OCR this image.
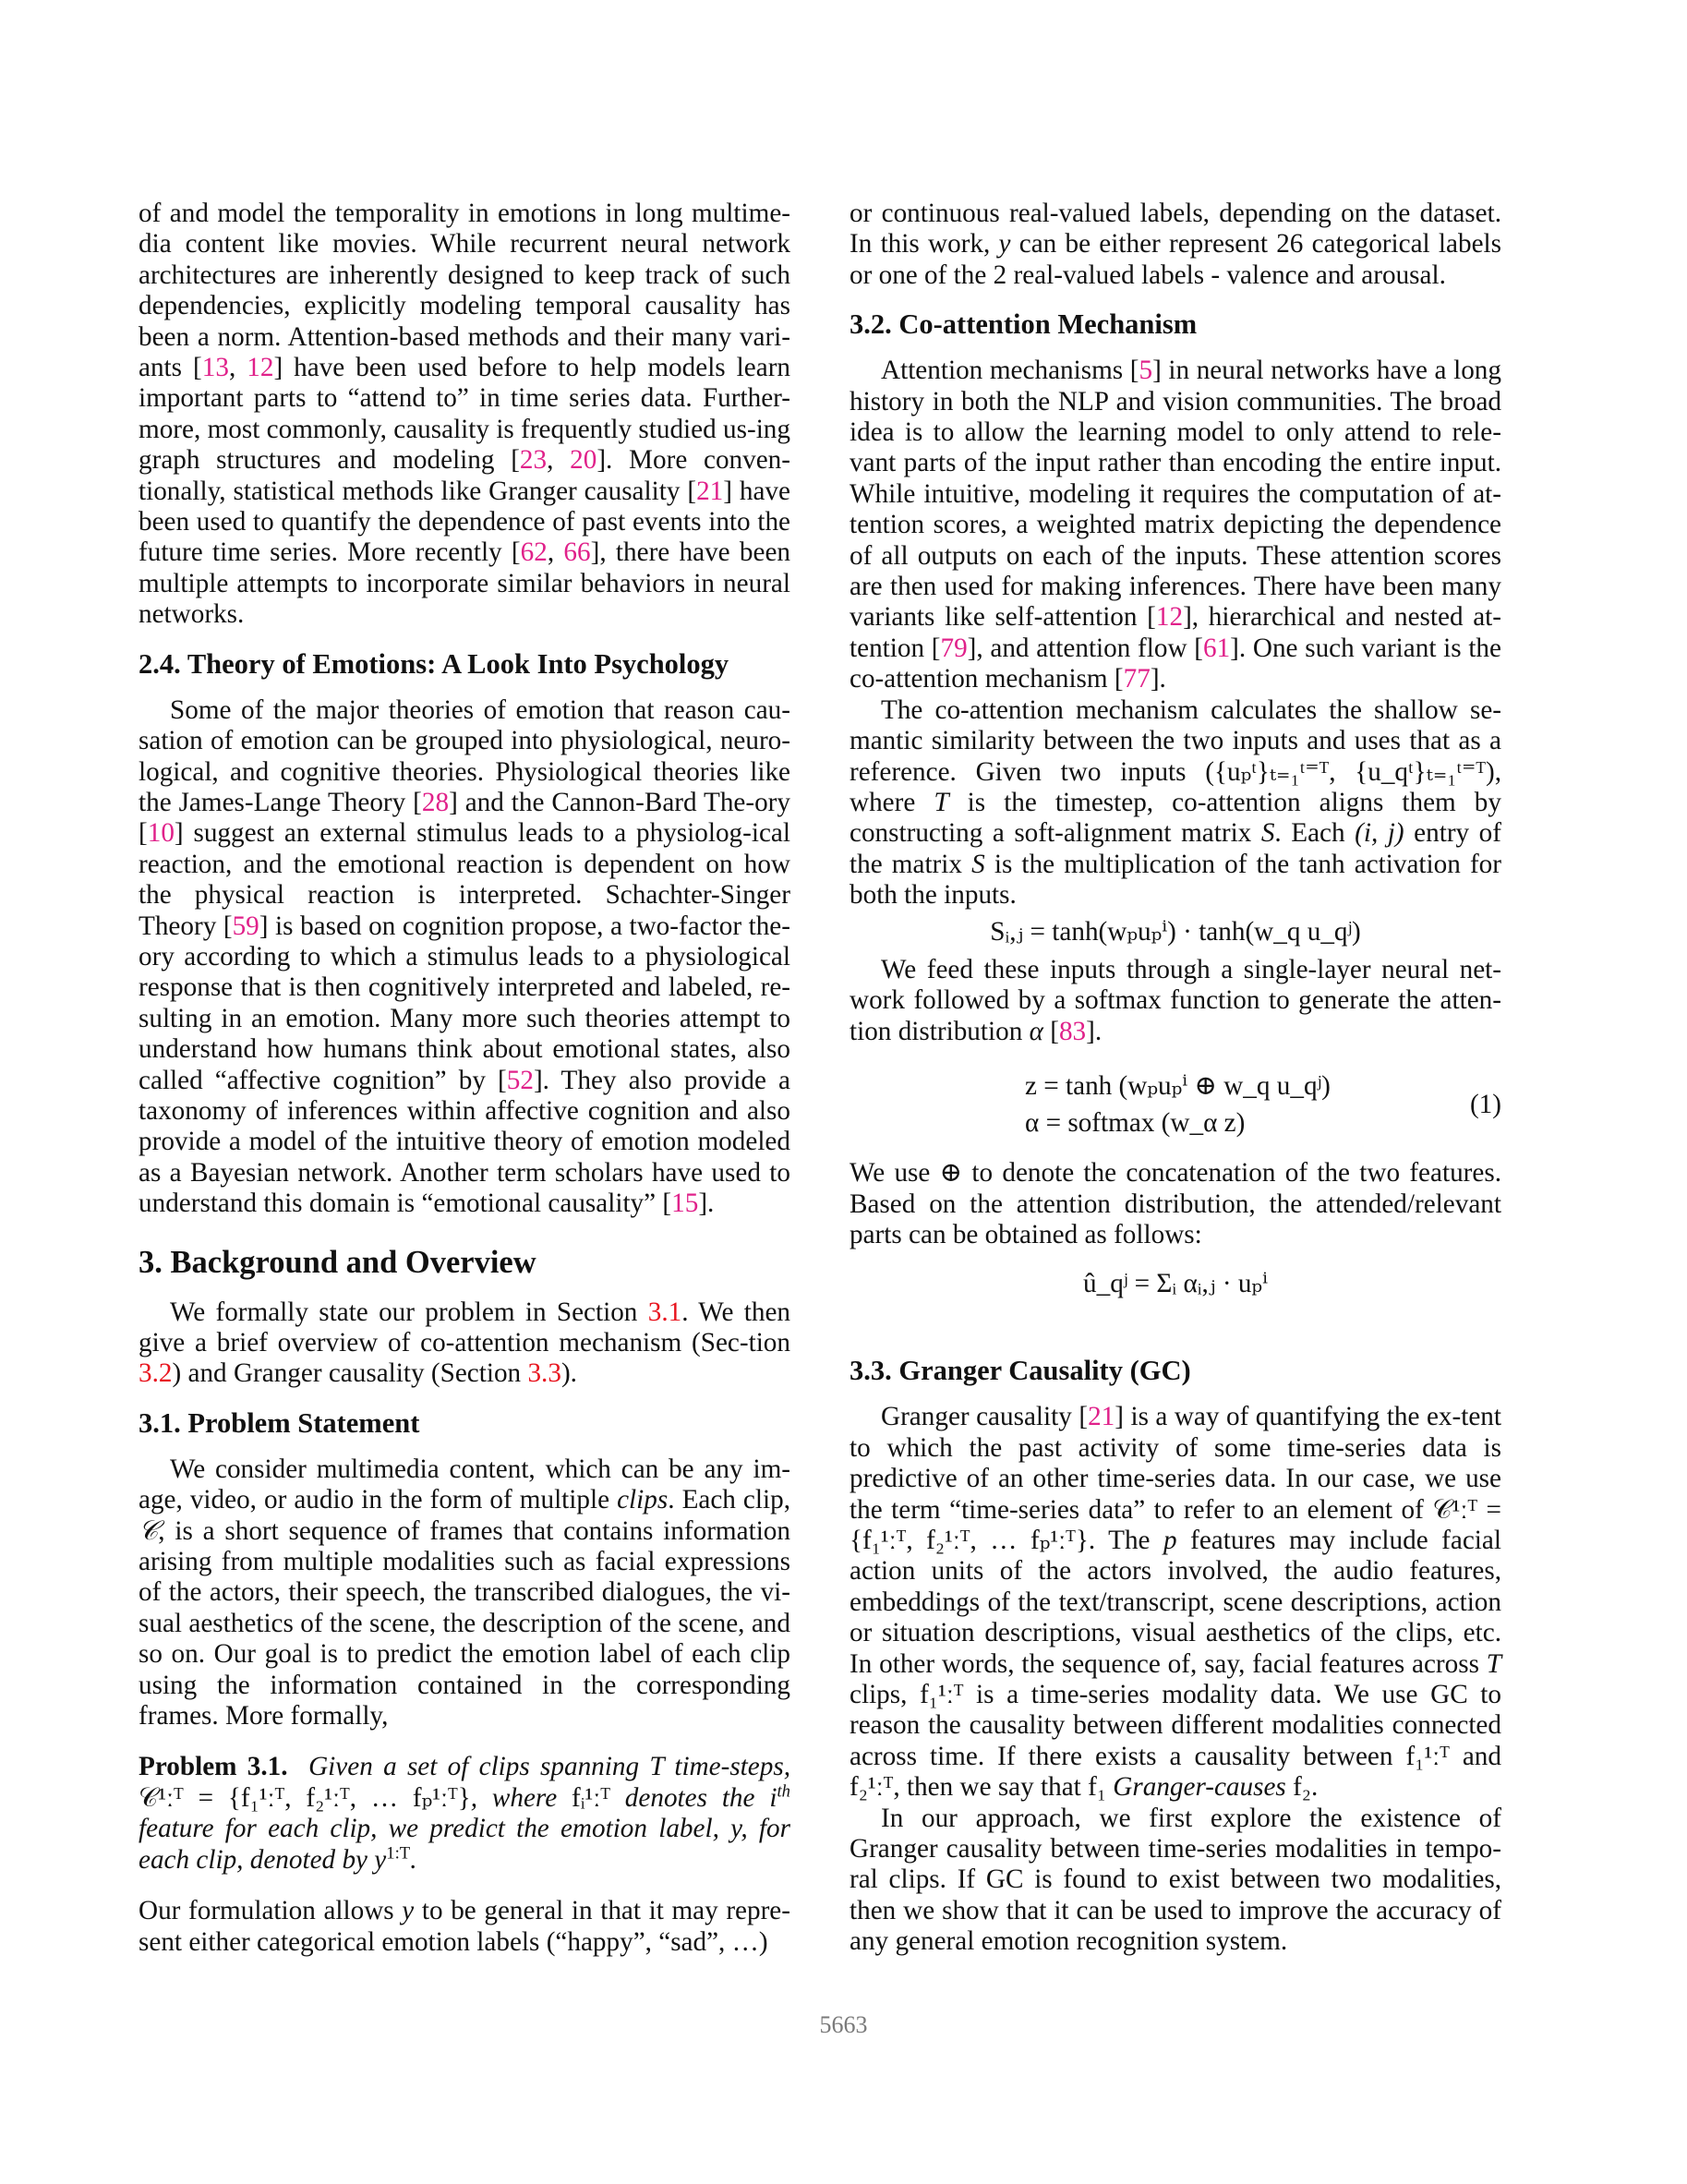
of and model the temporality in emotions in long multime-dia content like movies. While recurrent neural network architectures are inherently designed to keep track of such dependencies, explicitly modeling temporal causality has been a norm. Attention-based methods and their many vari-ants [13, 12] have been used before to help models learn important parts to “attend to” in time series data. Further-more, most commonly, causality is frequently studied us-ing graph structures and modeling [23, 20]. More conven-tionally, statistical methods like Granger causality [21] have been used to quantify the dependence of past events into the future time series. More recently [62, 66], there have been multiple attempts to incorporate similar behaviors in neural networks.

2.4. Theory of Emotions: A Look Into Psychology

Some of the major theories of emotion that reason cau-sation of emotion can be grouped into physiological, neuro-logical, and cognitive theories. Physiological theories like the James-Lange Theory [28] and the Cannon-Bard The-ory [10] suggest an external stimulus leads to a physiolog-ical reaction, and the emotional reaction is dependent on how the physical reaction is interpreted. Schachter-Singer Theory [59] is based on cognition propose, a two-factor the-ory according to which a stimulus leads to a physiological response that is then cognitively interpreted and labeled, re-sulting in an emotion. Many more such theories attempt to understand how humans think about emotional states, also called “affective cognition” by [52]. They also provide a taxonomy of inferences within affective cognition and also provide a model of the intuitive theory of emotion modeled as a Bayesian network. Another term scholars have used to understand this domain is “emotional causality” [15].

3. Background and Overview

We formally state our problem in Section 3.1. We then give a brief overview of co-attention mechanism (Sec-tion 3.2) and Granger causality (Section 3.3).

3.1. Problem Statement

We consider multimedia content, which can be any im-age, video, or audio in the form of multiple clips. Each clip, 𝒞, is a short sequence of frames that contains information arising from multiple modalities such as facial expressions of the actors, their speech, the transcribed dialogues, the vi-sual aesthetics of the scene, the description of the scene, and so on. Our goal is to predict the emotion label of each clip using the information contained in the corresponding frames. More formally,

Problem 3.1. Given a set of clips spanning T time-steps, 𝒞¹ːᵀ = {f₁¹ːᵀ, f₂¹ːᵀ, … fₚ¹ːᵀ}, where fᵢ¹ːᵀ denotes the $i^{th}$ feature for each clip, we predict the emotion label, y, for each clip, denoted by $y^{1:T}$.

Our formulation allows y to be general in that it may repre-sent either categorical emotion labels (“happy”, “sad”, …)

or continuous real-valued labels, depending on the dataset. In this work, y can be either represent 26 categorical labels or one of the 2 real-valued labels - valence and arousal.

3.2. Co-attention Mechanism

Attention mechanisms [5] in neural networks have a long history in both the NLP and vision communities. The broad idea is to allow the learning model to only attend to rele-vant parts of the input rather than encoding the entire input. While intuitive, modeling it requires the computation of at-tention scores, a weighted matrix depicting the dependence of all outputs on each of the inputs. These attention scores are then used for making inferences. There have been many variants like self-attention [12], hierarchical and nested at-tention [79], and attention flow [61]. One such variant is the co-attention mechanism [77].

The co-attention mechanism calculates the shallow se-mantic similarity between the two inputs and uses that as a reference. Given two inputs ({uₚᵗ}ₜ₌₁ᵗ⁼ᵀ, {u_qᵗ}ₜ₌₁ᵗ⁼ᵀ), where T is the timestep, co-attention aligns them by constructing a soft-alignment matrix S. Each (i, j) entry of the matrix S is the multiplication of the tanh activation for both the inputs.

Sᵢ,ⱼ = tanh(wₚuₚⁱ) · tanh(w_q u_qʲ)

We feed these inputs through a single-layer neural net-work followed by a softmax function to generate the atten-tion distribution α [83].

z = tanh (wₚuₚⁱ ⊕ w_q u_qʲ)
α = softmax (w_α z)
(1)

We use ⊕ to denote the concatenation of the two features. Based on the attention distribution, the attended/relevant parts can be obtained as follows:

û_qʲ = Σᵢ αᵢ,ⱼ · uₚⁱ
3.3. Granger Causality (GC)

Granger causality [21] is a way of quantifying the ex-tent to which the past activity of some time-series data is predictive of an other time-series data. In our case, we use the term “time-series data” to refer to an element of 𝒞¹ːᵀ = {f₁¹ːᵀ, f₂¹ːᵀ, … fₚ¹ːᵀ}. The p features may include facial action units of the actors involved, the audio features, embeddings of the text/transcript, scene descriptions, action or situation descriptions, visual aesthetics of the clips, etc. In other words, the sequence of, say, facial features across T clips, f₁¹ːᵀ is a time-series modality data. We use GC to reason the causality between different modalities connected across time. If there exists a causality between f₁¹ːᵀ and f₂¹ːᵀ, then we say that f₁ Granger-causes f₂.

In our approach, we first explore the existence of Granger causality between time-series modalities in tempo-ral clips. If GC is found to exist between two modalities, then we show that it can be used to improve the accuracy of any general emotion recognition system.

5663
